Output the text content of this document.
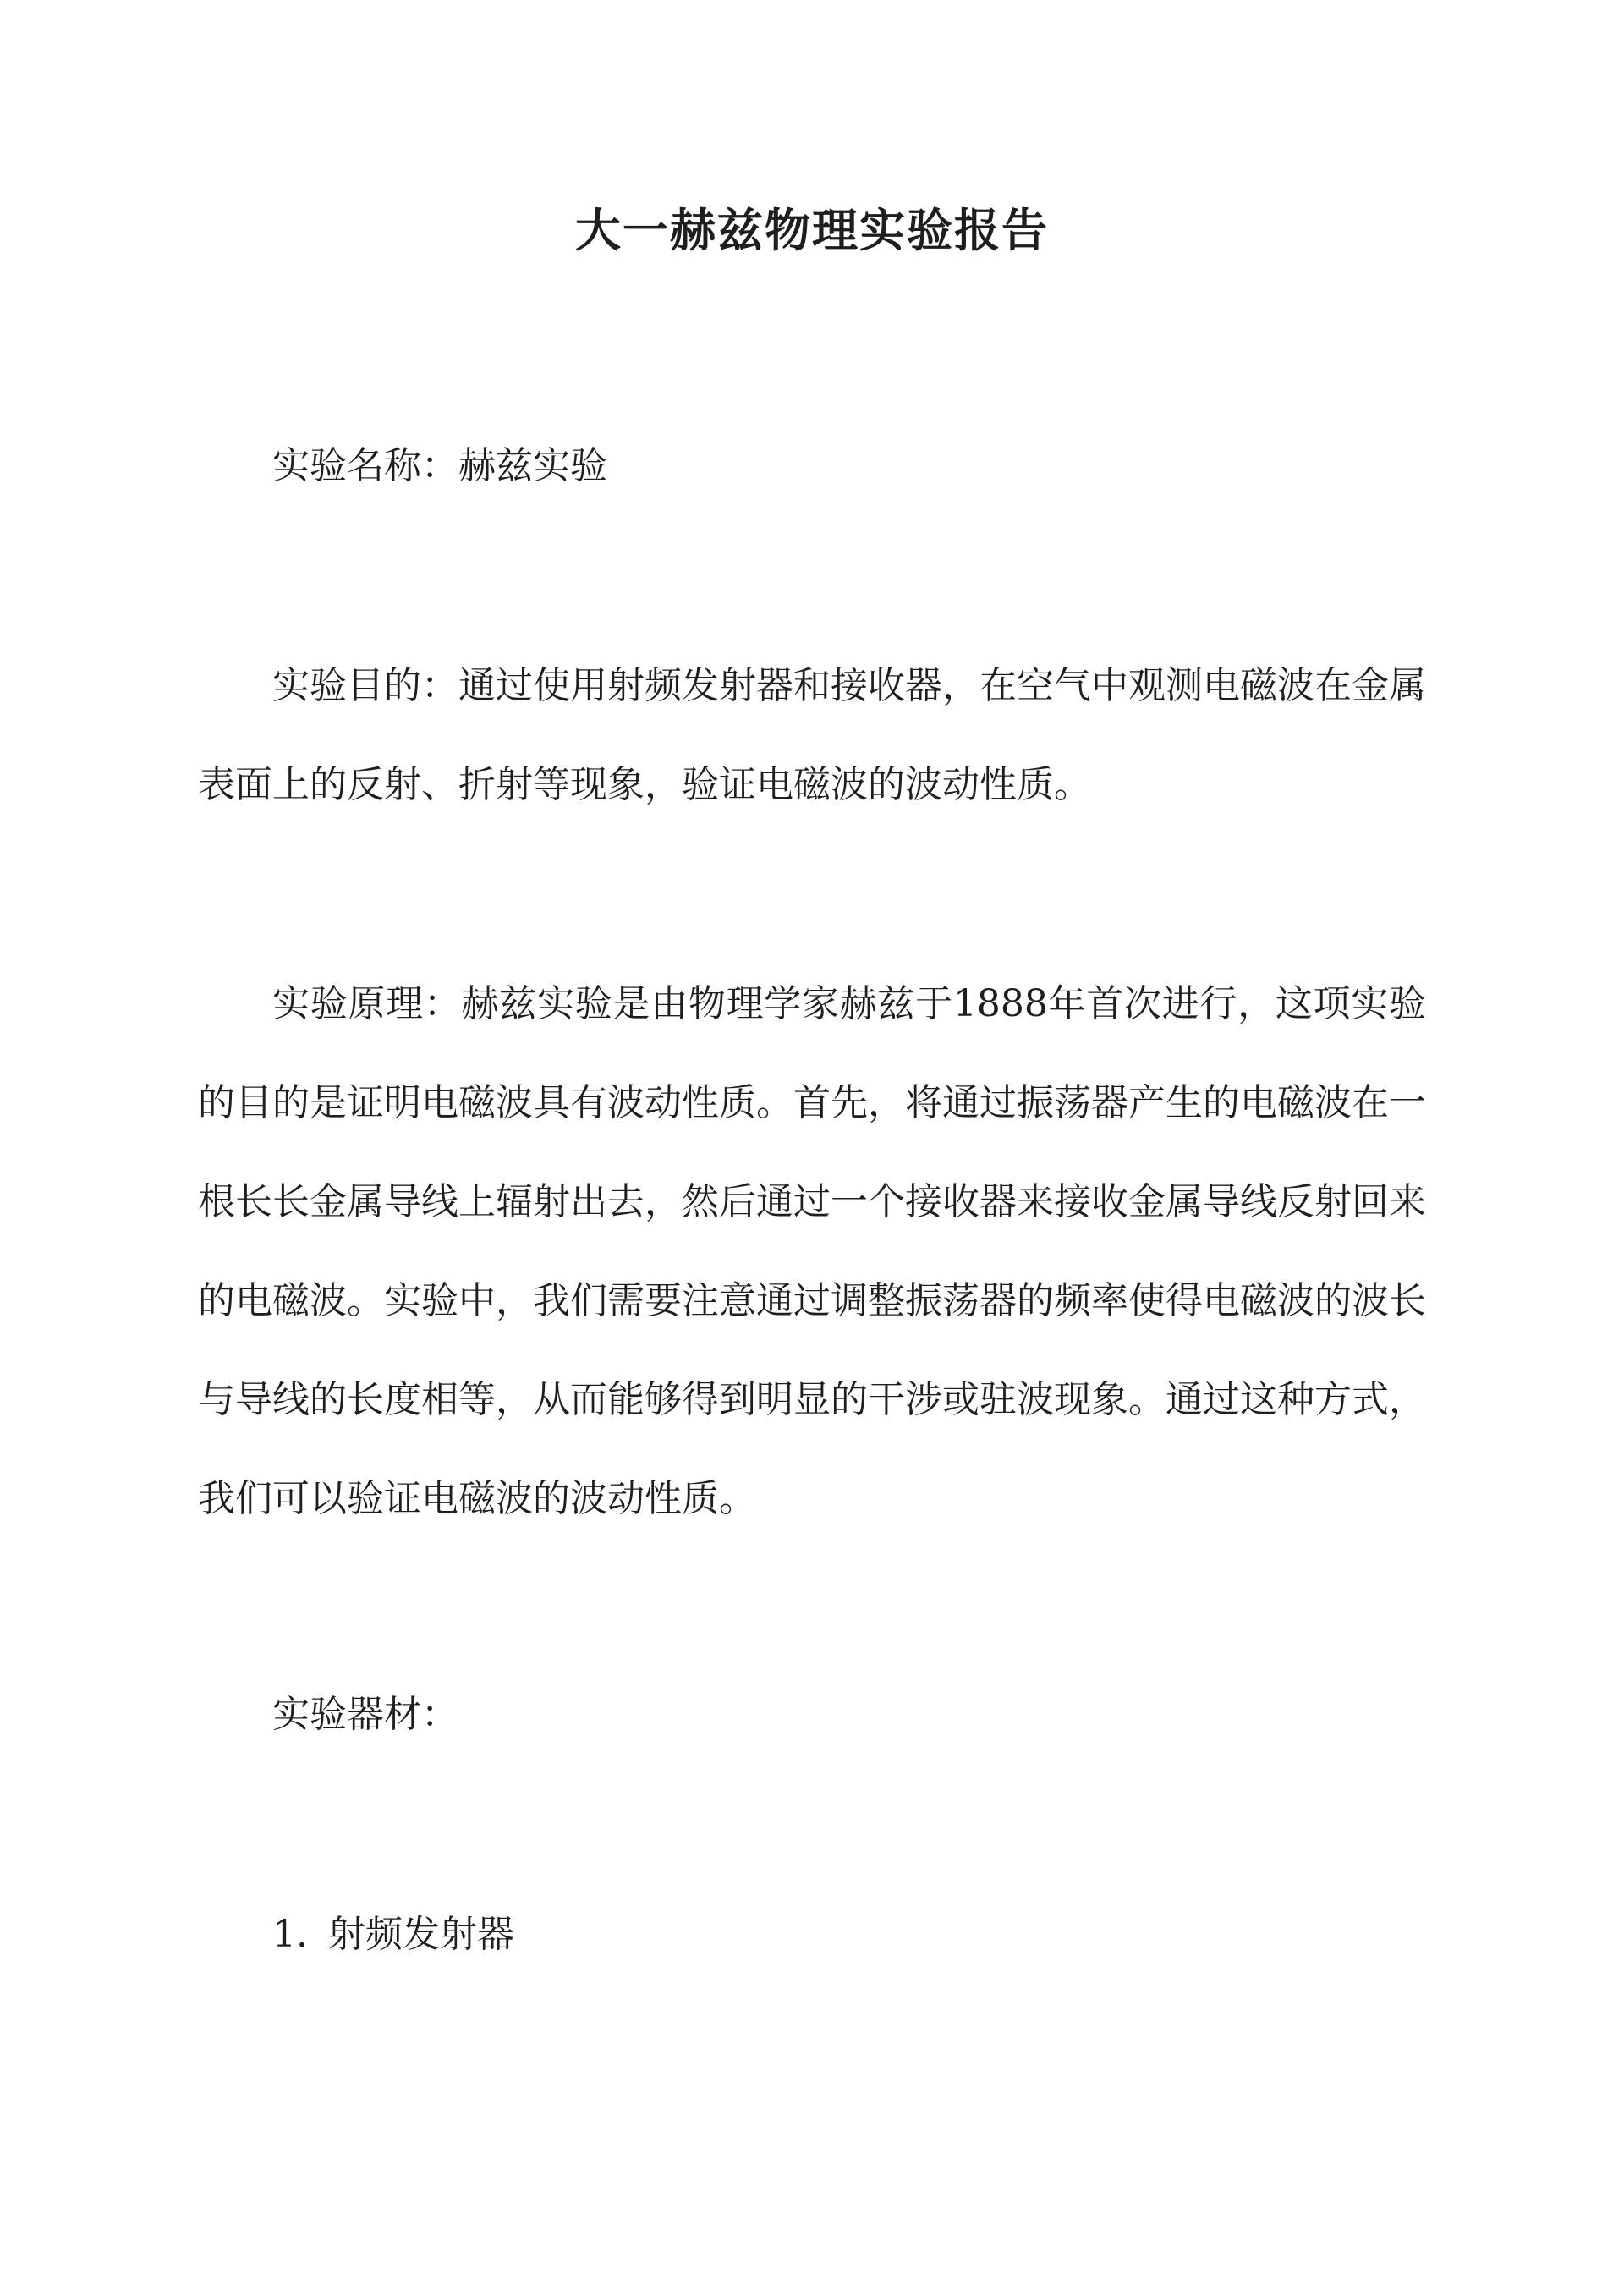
大一赫兹物理实验报告

实验名称：赫兹实验

实验目的：通过使用射频发射器和接收器，在空气中观测电磁波在金属表面上的反射、折射等现象，验证电磁波的波动性质。

实验原理：赫兹实验是由物理学家赫兹于1888年首次进行，这项实验的目的是证明电磁波具有波动性质。首先，将通过振荡器产生的电磁波在一根长长金属导线上辐射出去，然后通过一个接收器来接收金属导线反射回来的电磁波。实验中，我们需要注意通过调整振荡器的频率使得电磁波的波长与导线的长度相等，从而能够得到明显的干涉或驻波现象。通过这种方式，我们可以验证电磁波的波动性质。

实验器材：

1. 射频发射器
